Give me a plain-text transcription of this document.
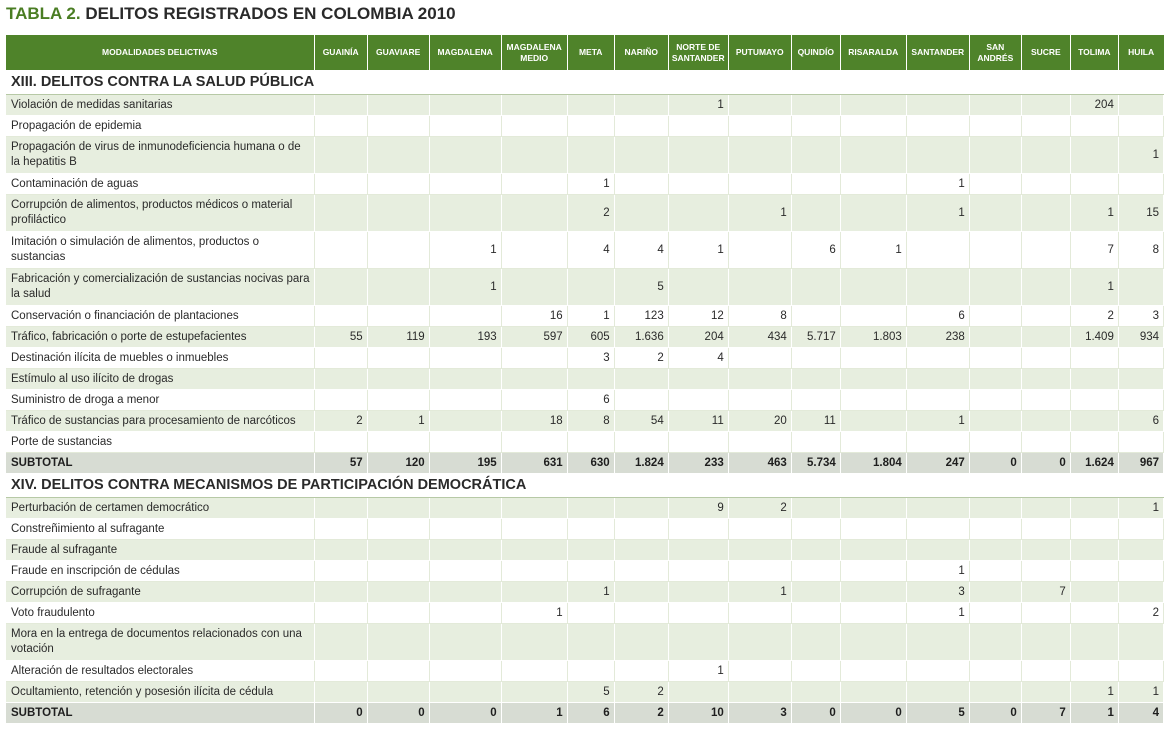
TABLA 2. DELITOS REGISTRADOS EN COLOMBIA 2010
MODALIDADES DELICTIVAS	GUAINÍA	GUAVIARE	MAGDALENA	MAGDALENA MEDIO	META	NARIÑO	NORTE DE SANTANDER	PUTUMAYO	QUINDÍO	RISARALDA	SANTANDER	SAN ANDRÉS	SUCRE	TOLIMA	HUILA
XIII. DELITOS CONTRA LA SALUD PÚBLICA															
Violación de medidas sanitarias							1							204	
Propagación de epidemia															
Propagación de virus de inmunodeficiencia humana o de la hepatitis B															1
Contaminación de aguas					1						1				
Corrupción de alimentos, productos médicos o material profiláctico					2			1			1			1	15
Imitación o simulación de alimentos, productos o sustancias			1		4	4	1		6	1				7	8
Fabricación y comercialización de sustancias nocivas para la salud			1			5								1	
Conservación o financiación de plantaciones				16	1	123	12	8			6			2	3
Tráfico, fabricación o porte de estupefacientes	55	119	193	597	605	1.636	204	434	5.717	1.803	238			1.409	934
Destinación ilícita de muebles o inmuebles					3	2	4								
Estímulo al uso ilícito de drogas															
Suministro de droga a menor					6										
Tráfico de sustancias para procesamiento de narcóticos	2	1		18	8	54	11	20	11		1				6
Porte de sustancias															
SUBTOTAL	57	120	195	631	630	1.824	233	463	5.734	1.804	247	0	0	1.624	967
XIV. DELITOS CONTRA MECANISMOS DE PARTICIPACIÓN DEMOCRÁTICA															
Perturbación de certamen democrático							9	2							1
Constreñimiento al sufragante															
Fraude al sufragante															
Fraude en inscripción de cédulas											1				
Corrupción de sufragante					1			1			3		7		
Voto fraudulento				1							1				2
Mora en la entrega de documentos relacionados con una votación															
Alteración de resultados electorales							1								
Ocultamiento, retención y posesión ilícita de cédula					5	2								1	1
SUBTOTAL	0	0	0	1	6	2	10	3	0	0	5	0	7	1	4
